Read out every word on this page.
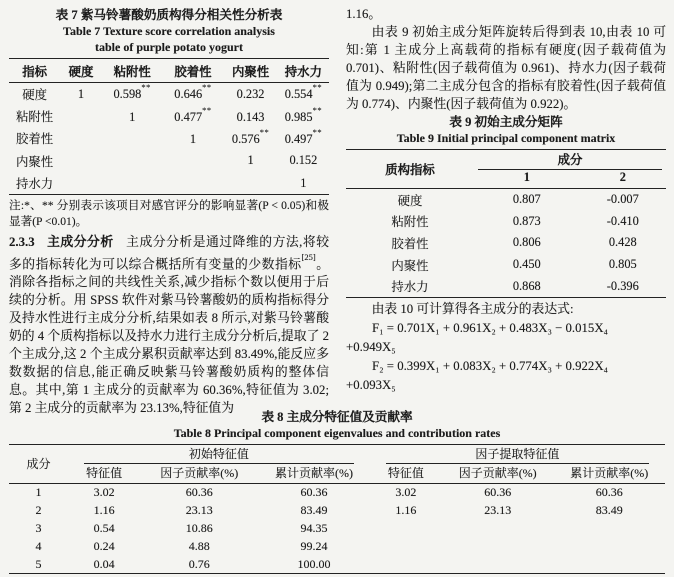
表 7 紫马铃薯酸奶质构得分相关性分析表
Table 7 Texture score correlation analysis
table of purple potato yogurt
指标	硬度	粘附性	胶着性	内聚性	持水力
硬度	1	0.598**	0.646**	0.232	0.554**
粘附性		1	0.477**	0.143	0.985**
胶着性			1	0.576**	0.497**
内聚性				1	0.152
持水力					1
注:*、** 分别表示该项目对感官评分的影响显著(P < 0.05)和极显著(P <0.01)。

2.3.3 主成分分析 主成分分析是通过降维的方法,将较多的指标转化为可以综合概括所有变量的少数指标[25]。消除各指标之间的共线性关系,减少指标个数以便用于后续的分析。用 SPSS 软件对紫马铃薯酸奶的质构指标得分及持水性进行主成分分析,结果如表 8 所示,对紫马铃薯酸奶的 4 个质构指标以及持水力进行主成分分析后,提取了 2 个主成分,这 2 个主成分累积贡献率达到 83.49%,能反应多数数据的信息,能正确反映紫马铃薯酸奶质构的整体信息。其中,第 1 主成分的贡献率为 60.36%,特征值为 3.02;第 2 主成分的贡献率为 23.13%,特征值为

1.16。

由表 9 初始主成分矩阵旋转后得到表 10,由表 10 可知:第 1 主成分上高载荷的指标有硬度(因子载荷值为 0.701)、粘附性(因子载荷值为 0.961)、持水力(因子载荷值为 0.949);第二主成分包含的指标有胶着性(因子载荷值为 0.774)、内聚性(因子载荷值为 0.922)。

表 9 初始主成分矩阵
Table 9 Initial principal component matrix
质构指标	成分	

	1	2
硬度	0.807	-0.007
粘附性	0.873	-0.410
胶着性	0.806	0.428
内聚性	0.450	0.805
持水力	0.868	-0.396

由表 10 可计算得各主成分的表达式:

F₁ = 0.701X₁ + 0.961X₂ + 0.483X₃ − 0.015X₄
+0.949X₅
F₂ = 0.399X₁ + 0.083X₂ + 0.774X₃ + 0.922X₄
+0.093X₅
表 8 主成分特征值及贡献率
Table 8 Principal component eigenvalues and contribution rates
成分	初始特征值			因子提取特征值		

	特征值	因子贡献率(%)	累计贡献率(%)	特征值	因子贡献率(%)	累计贡献率(%)
1	3.02	60.36	60.36	3.02	60.36	60.36
2	1.16	23.13	83.49	1.16	23.13	83.49
3	0.54	10.86	94.35			
4	0.24	4.88	99.24			
5	0.04	0.76	100.00			
